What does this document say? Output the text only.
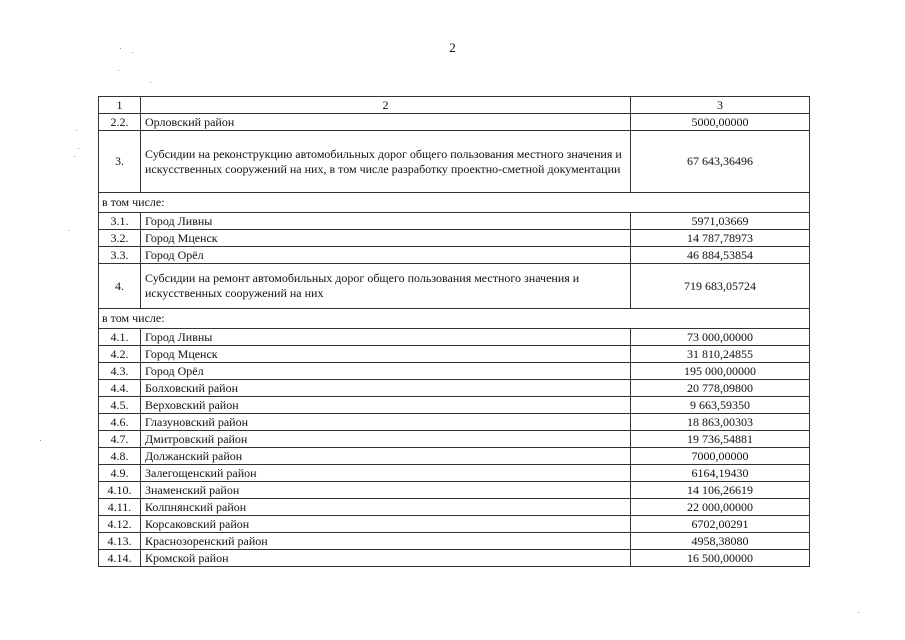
2
1	2	3
2.2.	Орловский район	5000,00000
3.	Субсидии на реконструкцию автомобильных дорог общего пользования местного значения и искусственных сооружений на них, в том числе разработку проектно-сметной документации	67 643,36496
в том числе:		
3.1.	Город Ливны	5971,03669
3.2.	Город Мценск	14 787,78973
3.3.	Город Орёл	46 884,53854
4.	Субсидии на ремонт автомобильных дорог общего пользования местного значения и искусственных сооружений на них	719 683,05724
в том числе:		
4.1.	Город Ливны	73 000,00000
4.2.	Город Мценск	31 810,24855
4.3.	Город Орёл	195 000,00000
4.4.	Болховский район	20 778,09800
4.5.	Верховский район	9 663,59350
4.6.	Глазуновский район	18 863,00303
4.7.	Дмитровский район	19 736,54881
4.8.	Должанский район	7000,00000
4.9.	Залегощенский район	6164,19430
4.10.	Знаменский район	14 106,26619
4.11.	Колпнянский район	22 000,00000
4.12.	Корсаковский район	6702,00291
4.13.	Краснозоренский район	4958,38080
4.14.	Кромской район	16 500,00000
